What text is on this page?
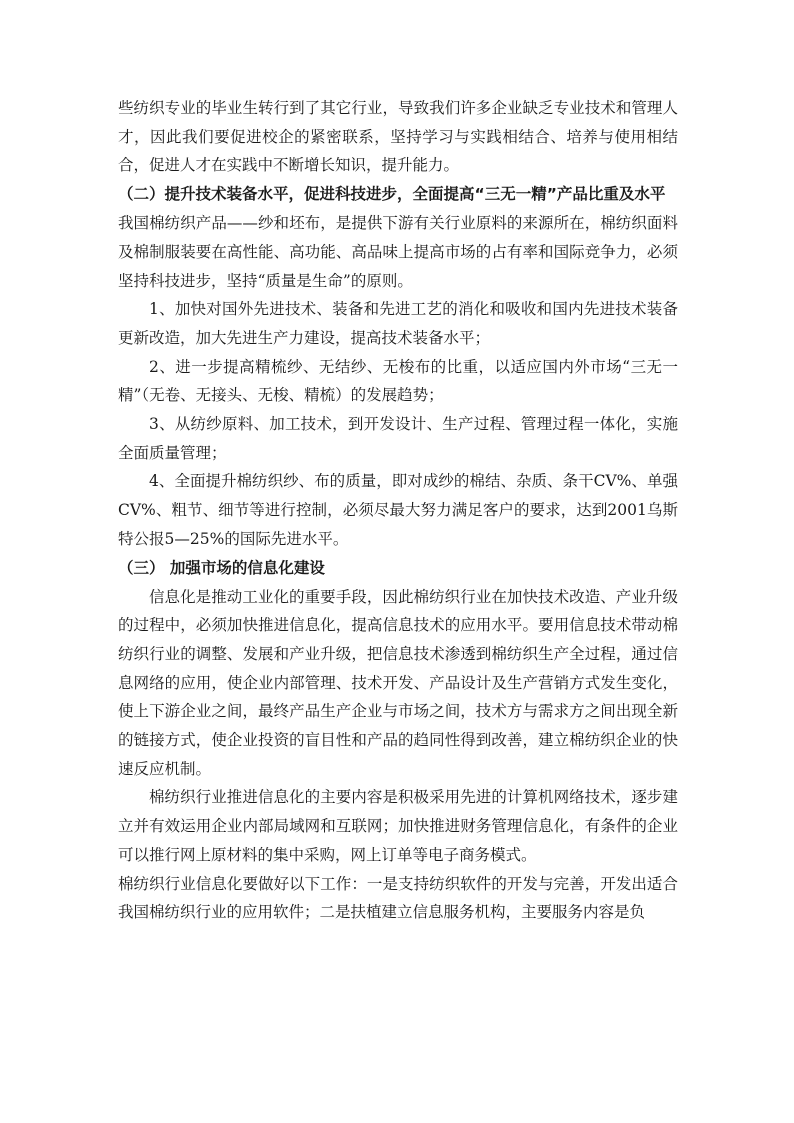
些纺织专业的毕业生转行到了其它行业，导致我们许多企业缺乏专业技术和管理人才，因此我们要促进校企的紧密联系，坚持学习与实践相结合、培养与使用相结合，促进人才在实践中不断增长知识，提升能力。

（二）提升技术装备水平，促进科技进步，全面提高“三无一精”产品比重及水平

我国棉纺织产品——纱和坯布，是提供下游有关行业原料的来源所在，棉纺织面料及棉制服装要在高性能、高功能、高品味上提高市场的占有率和国际竞争力，必须坚持科技进步，坚持“质量是生命”的原则。

1、加快对国外先进技术、装备和先进工艺的消化和吸收和国内先进技术装备更新改造，加大先进生产力建设，提高技术装备水平；

2、进一步提高精梳纱、无结纱、无梭布的比重，以适应国内外市场“三无一精”（无卷、无接头、无梭、精梳）的发展趋势；

3、从纺纱原料、加工技术，到开发设计、生产过程、管理过程一体化，实施全面质量管理；

4、全面提升棉纺织纱、布的质量，即对成纱的棉结、杂质、条干CV%、单强CV%、粗节、细节等进行控制，必须尽最大努力满足客户的要求，达到2001乌斯特公报5—25%的国际先进水平。

（三） 加强市场的信息化建设

信息化是推动工业化的重要手段，因此棉纺织行业在加快技术改造、产业升级的过程中，必须加快推进信息化，提高信息技术的应用水平。要用信息技术带动棉纺织行业的调整、发展和产业升级，把信息技术渗透到棉纺织生产全过程，通过信息网络的应用，使企业内部管理、技术开发、产品设计及生产营销方式发生变化，使上下游企业之间，最终产品生产企业与市场之间，技术方与需求方之间出现全新的链接方式，使企业投资的盲目性和产品的趋同性得到改善，建立棉纺织企业的快速反应机制。

棉纺织行业推进信息化的主要内容是积极采用先进的计算机网络技术，逐步建立并有效运用企业内部局域网和互联网；加快推进财务管理信息化，有条件的企业可以推行网上原材料的集中采购，网上订单等电子商务模式。

棉纺织行业信息化要做好以下工作：一是支持纺织软件的开发与完善，开发出适合我国棉纺织行业的应用软件；二是扶植建立信息服务机构，主要服务内容是负
